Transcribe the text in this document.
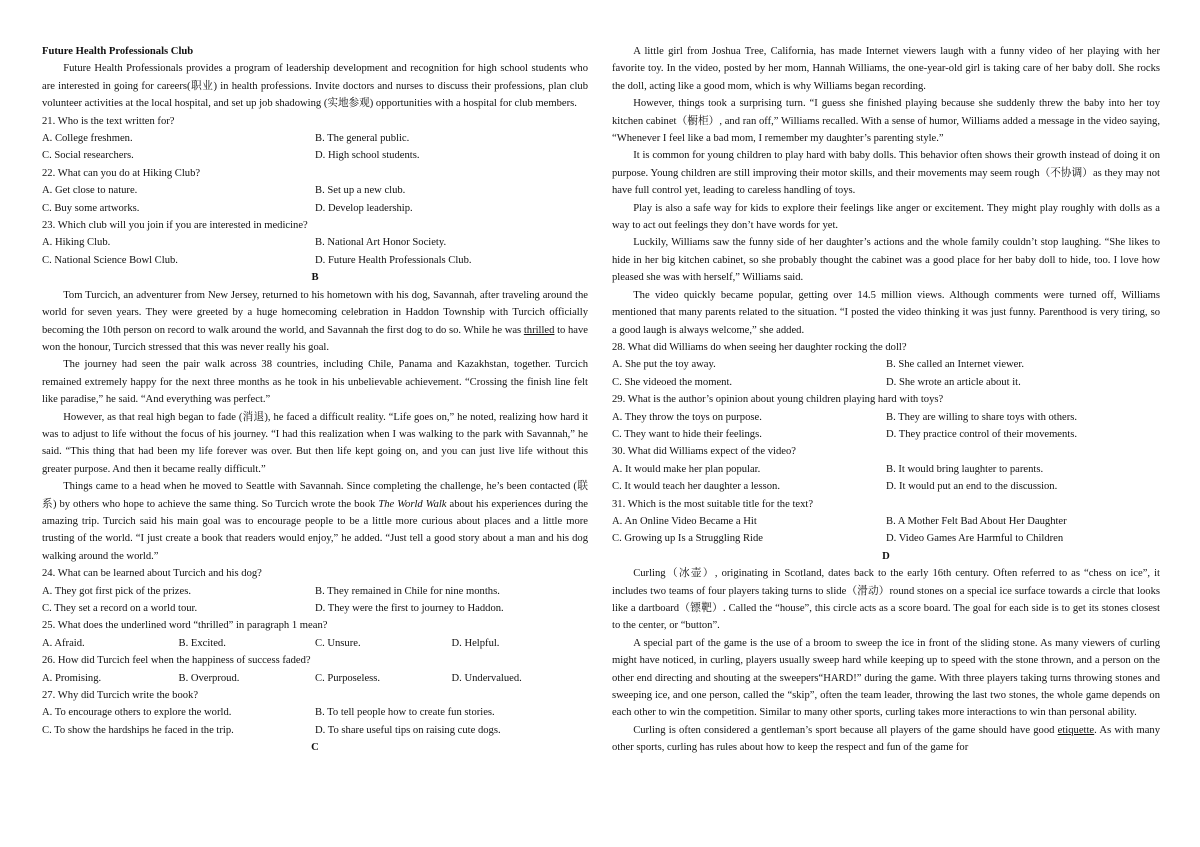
Future Health Professionals Club

Future Health Professionals provides a program of leadership development and recognition for high school students who are interested in going for careers(职业) in health professions. Invite doctors and nurses to discuss their professions, plan club volunteer activities at the local hospital, and set up job shadowing (实地参观) opportunities with a hospital for club members.

21. Who is the text written for?

A. College freshmen.	B. The general public.
C. Social researchers.	D. High school students.

22. What can you do at Hiking Club?

A. Get close to nature.	B. Set up a new club.
C. Buy some artworks.	D. Develop leadership.

23. Which club will you join if you are interested in medicine?

A. Hiking Club.	B. National Art Honor Society.
C. National Science Bowl Club.	D. Future Health Professionals Club.

B

Tom Turcich, an adventurer from New Jersey, returned to his hometown with his dog, Savannah, after traveling around the world for seven years. They were greeted by a huge homecoming celebration in Haddon Township with Turcich officially becoming the 10th person on record to walk around the world, and Savannah the first dog to do so. While he was thrilled to have won the honour, Turcich stressed that this was never really his goal.

The journey had seen the pair walk across 38 countries, including Chile, Panama and Kazakhstan, together. Turcich remained extremely happy for the next three months as he took in his unbelievable achievement. “Crossing the finish line felt like paradise,” he said. “And everything was perfect.”

However, as that real high began to fade (消退), he faced a difficult reality. “Life goes on,” he noted, realizing how hard it was to adjust to life without the focus of his journey. “I had this realization when I was walking to the park with Savannah,” he said. “This thing that had been my life forever was over. But then life kept going on, and you can just live life without this greater purpose. And then it became really difficult.”

Things came to a head when he moved to Seattle with Savannah. Since completing the challenge, he’s been contacted (联系) by others who hope to achieve the same thing. So Turcich wrote the book The World Walk about his experiences during the amazing trip. Turcich said his main goal was to encourage people to be a little more curious about places and a little more trusting of the world. “I just create a book that readers would enjoy,” he added. “Just tell a good story about a man and his dog walking around the world.”

24. What can be learned about Turcich and his dog?

A. They got first pick of the prizes.	B. They remained in Chile for nine months.
C. They set a record on a world tour.	D. They were the first to journey to Haddon.

25. What does the underlined word “thrilled” in paragraph 1 mean?

A. Afraid.	B. Excited.	C. Unsure.	D. Helpful.

26. How did Turcich feel when the happiness of success faded?

A. Promising.	B. Overproud.	C. Purposeless.	D. Undervalued.

27. Why did Turcich write the book?

A. To encourage others to explore the world.	B. To tell people how to create fun stories.
C. To show the hardships he faced in the trip.	D. To share useful tips on raising cute dogs.

C

A little girl from Joshua Tree, California, has made Internet viewers laugh with a funny video of her playing with her favorite toy. In the video, posted by her mom, Hannah Williams, the one-year-old girl is taking care of her baby doll. She rocks the doll, acting like a good mom, which is why Williams began recording.

However, things took a surprising turn. “I guess she finished playing because she suddenly threw the baby into her toy kitchen cabinet（橱柜）, and ran off,” Williams recalled. With a sense of humor, Williams added a message in the video saying, “Whenever I feel like a bad mom, I remember my daughter’s parenting style.”

It is common for young children to play hard with baby dolls. This behavior often shows their growth instead of doing it on purpose. Young children are still improving their motor skills, and their movements may seem rough（不协调）as they may not have full control yet, leading to careless handling of toys.

Play is also a safe way for kids to explore their feelings like anger or excitement. They might play roughly with dolls as a way to act out feelings they don’t have words for yet.

Luckily, Williams saw the funny side of her daughter’s actions and the whole family couldn’t stop laughing. “She likes to hide in her big kitchen cabinet, so she probably thought the cabinet was a good place for her baby doll to hide, too. I love how pleased she was with herself,” Williams said.

The video quickly became popular, getting over 14.5 million views. Although comments were turned off, Williams mentioned that many parents related to the situation. “I posted the video thinking it was just funny. Parenthood is very tiring, so a good laugh is always welcome,” she added.

28. What did Williams do when seeing her daughter rocking the doll?

A. She put the toy away.	B. She called an Internet viewer.
C. She videoed the moment.	D. She wrote an article about it.

29. What is the author’s opinion about young children playing hard with toys?

A. They throw the toys on purpose.	B. They are willing to share toys with others.
C. They want to hide their feelings.	D. They practice control of their movements.

30. What did Williams expect of the video?

A. It would make her plan popular.	B. It would bring laughter to parents.
C. It would teach her daughter a lesson.	D. It would put an end to the discussion.

31. Which is the most suitable title for the text?

A. An Online Video Became a Hit	B. A Mother Felt Bad About Her Daughter
C. Growing up Is a Struggling Ride	D. Video Games Are Harmful to Children

D

Curling（冰壶）, originating in Scotland, dates back to the early 16th century. Often referred to as “chess on ice”, it includes two teams of four players taking turns to slide（滑动）round stones on a special ice surface towards a circle that looks like a dartboard（镖靶）. Called the “house”, this circle acts as a score board. The goal for each side is to get its stones closest to the center, or “button”.

A special part of the game is the use of a broom to sweep the ice in front of the sliding stone. As many viewers of curling might have noticed, in curling, players usually sweep hard while keeping up to speed with the stone thrown, and a person on the other end directing and shouting at the sweepers“HARD!” during the game. With three players taking turns throwing stones and sweeping ice, and one person, called the “skip”, often the team leader, throwing the last two stones, the whole game depends on each other to win the competition. Similar to many other sports, curling takes more interactions to win than personal ability.

Curling is often considered a gentleman’s sport because all players of the game should have good etiquette. As with many other sports, curling has rules about how to keep the respect and fun of the game for
